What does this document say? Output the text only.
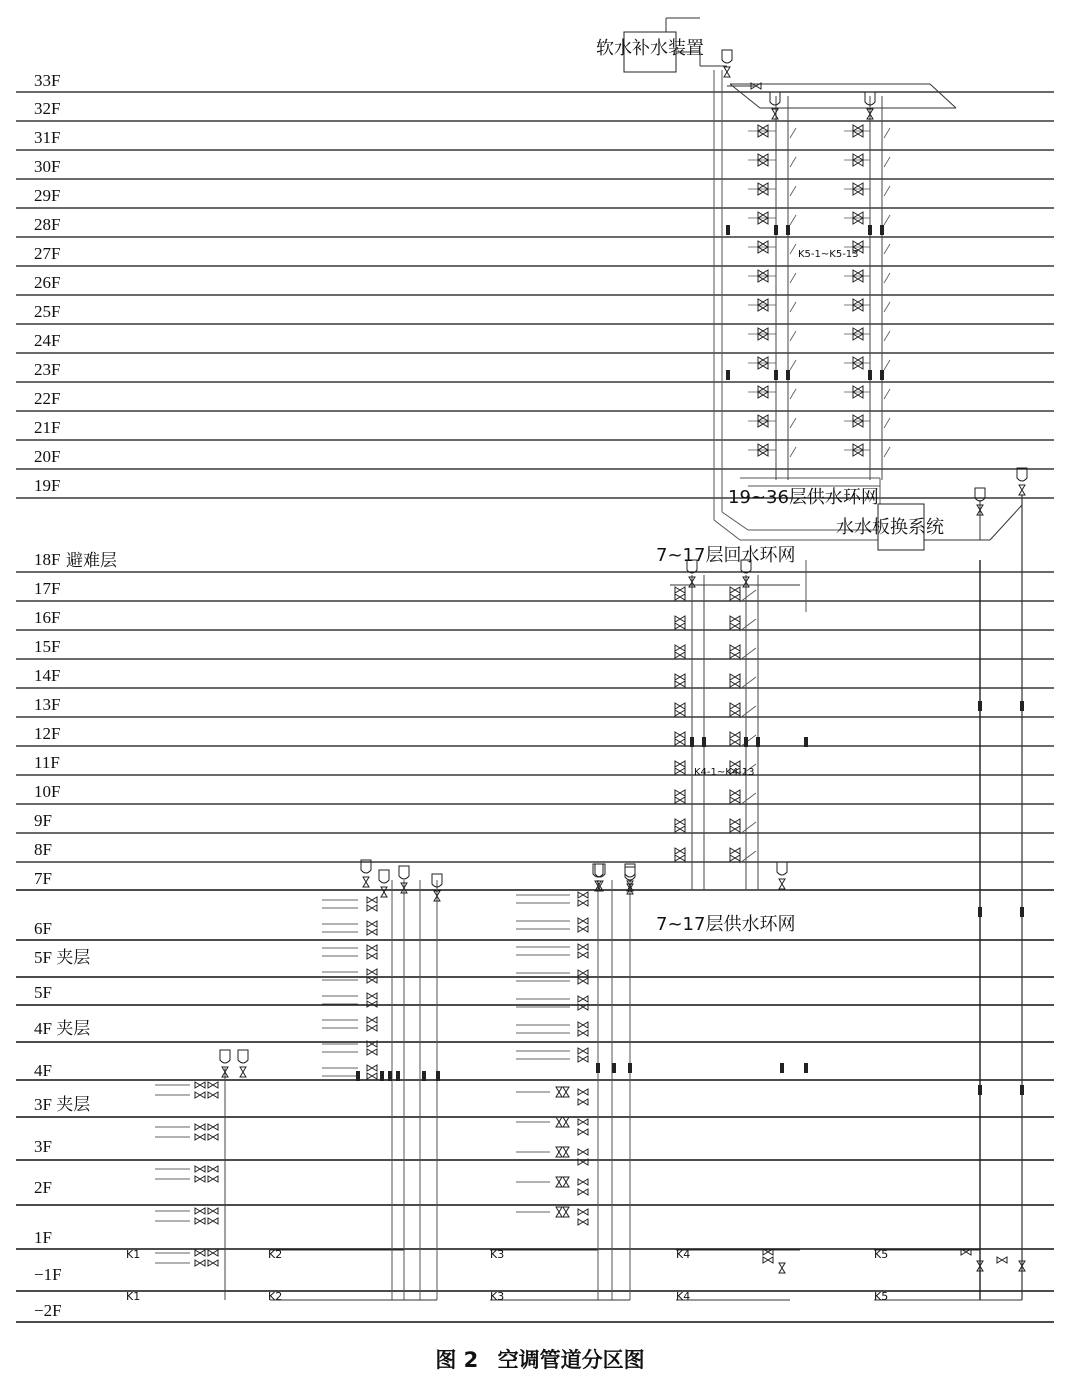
33F
32F
31F
30F
29F
28F
27F
26F
25F
24F
23F
22F
21F
20F
19F
18F
17F
16F
15F
14F
13F
12F
11F
10F
9F
8F
7F
6F
5F 夹层
5F
4F 夹层
4F
3F 夹层
3F
2F
1F
−1F
−2F
避难层
软水补水装置
水水板换系统
19~36层供水环网
7~17层回水环网
7~17层供水环网
K5-1~K5-13
K4-1~K4-13
K1	K2	K3	K4	K5
K1	K2	K3	K4	K5
图 2 空调管道分区图
